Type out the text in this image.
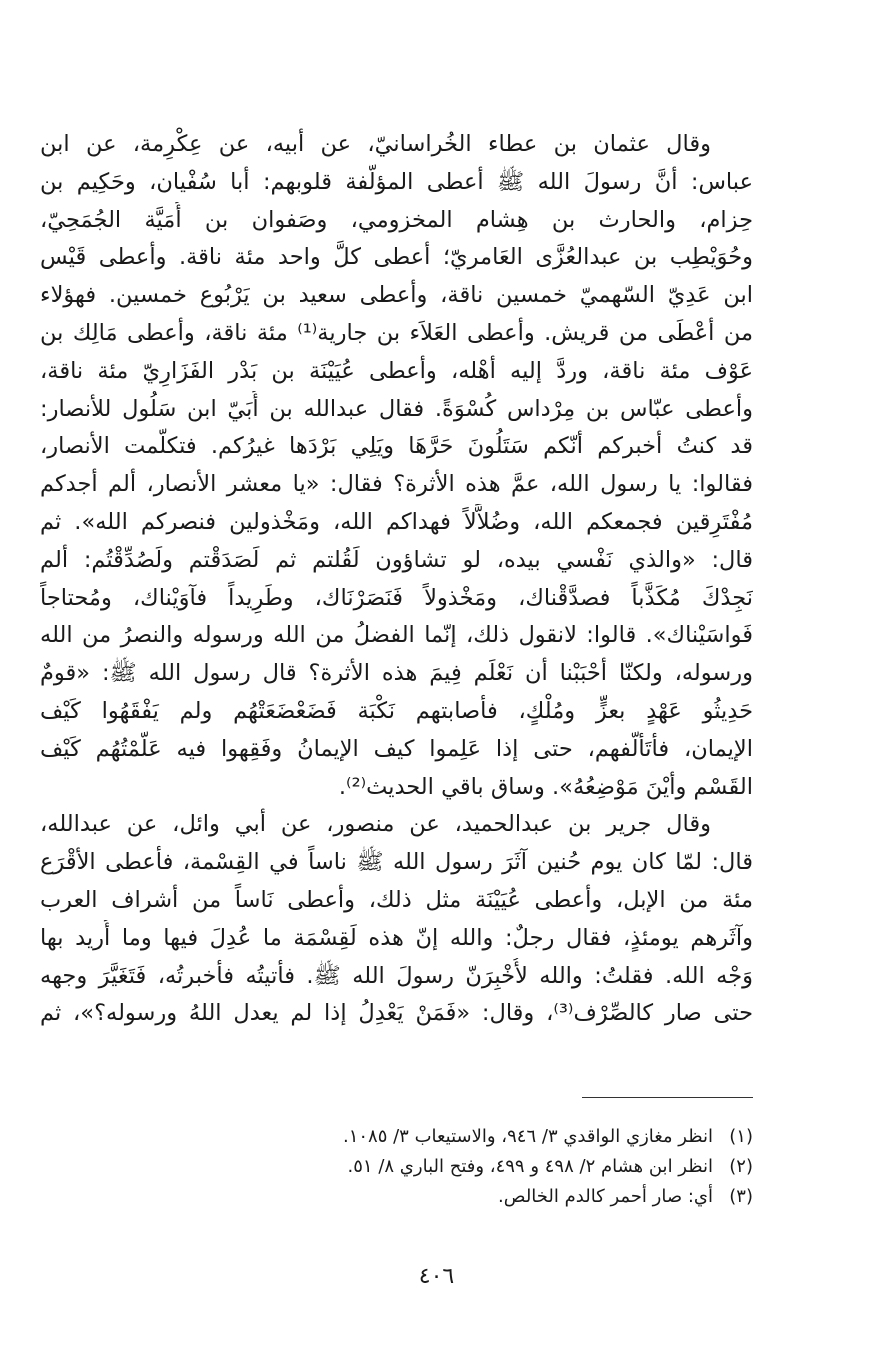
وقال عثمان بن عطاء الخُراسانيّ، عن أبيه، عن عِكْرِمة، عن ابن
عباس: أنَّ رسولَ الله ﷺ أعطى المؤلَّفة قلوبهم: أبا سُفْيان، وحَكِيم بن
حِزام، والحارث بن هِشام المخزومي، وصَفوان بن أُمَيَّة الجُمَحِيّ،
وحُوَيْطِب بن عبدالعُزَّى العَامريّ؛ أعطى كلَّ واحد مئة ناقة. وأعطى قَيْس
ابن عَدِيّ السّهميّ خمسين ناقة، وأعطى سعيد بن يَرْبُوع خمسين. فهؤلاء
من أعْطَى من قريش. وأعطى العَلاَء بن جارية⁽¹⁾ مئة ناقة، وأعطى مَالِك بن
عَوْف مئة ناقة، وردَّ إليه أهْله، وأعطى عُيَيْنَة بن بَدْر الفَزَارِيّ مئة ناقة،
وأعطى عبّاس بن مِرْداس كُسْوَةً. فقال عبدالله بن أُبَيّ ابن سَلُول للأنصار:
قد كنتُ أخبركم أنّكم سَتَلُونَ حَرَّهَا ويَلِي بَرْدَها غيرُكم. فتكلّمت الأنصار،
فقالوا: يا رسول الله، عمَّ هذه الأثرة؟ فقال: «يا معشر الأنصار، ألم أجدكم
مُفْتَرِقين فجمعكم الله، وضُلاَّلاً فهداكم الله، ومَخْذولين فنصركم الله». ثم
قال: «والذي نَفْسي بيده، لو تشاؤون لَقُلتم ثم لَصَدَقْتم ولَصُدِّقْتُم: ألم
نَجِدْكَ مُكَذَّباً فصدَّقْناك، ومَخْذولاً فَنَصَرْنَاك، وطَرِيداً فآوَيْناك، ومُحتاجاً
فَواسَيْناك». قالوا: لانقول ذلك، إنّما الفضلُ من الله ورسوله والنصرُ من الله
ورسوله، ولكنّا أحْبَبْنا أن نَعْلَم فِيمَ هذه الأثرة؟ قال رسول الله ﷺ: «قومٌ
حَدِيثُو عَهْدٍ بعزٍّ ومُلْكٍ، فأصابتهم نَكْبَة فَضَعْضَعَتْهُم ولم يَفْقَهُوا كَيْف
الإيمان، فأتَألّفهم، حتى إذا عَلِموا كيف الإيمانُ وفَقِهوا فيه عَلّمْتُهُم كَيْف
القَسْم وأيْنَ مَوْضِعُهُ». وساق باقي الحديث⁽²⁾.
وقال جرير بن عبدالحميد، عن منصور، عن أبي وائل، عن عبدالله،
قال: لمّا كان يوم حُنين آثَرَ رسول الله ﷺ ناساً في القِسْمة، فأعطى الأقْرَع
مئة من الإبل، وأعطى عُيَيْنَة مثل ذلك، وأعطى نَاساً من أشراف العرب
وآثَرهم يومئذٍ، فقال رجلٌ: والله إنّ هذه لَقِسْمَة ما عُدِلَ فيها وما أُريد بها
وَجْه الله. فقلتُ: والله لأُخْبِرَنّ رسولَ الله ﷺ. فأتيتُه فأخبرتُه، فَتَغَيَّرَ وجهه
حتى صار كالصِّرْف⁽³⁾، وقال: «فَمَنْ يَعْدِلُ إذا لم يعدل اللهُ ورسوله؟»، ثم
(١)انظر مغازي الواقدي ٣/ ٩٤٦، والاستيعاب ٣/ ١٠٨٥.
(٢)انظر ابن هشام ٢/ ٤٩٨ و ٤٩٩، وفتح الباري ٨/ ٥١.
(٣)أي: صار أحمر كالدم الخالص.
٤٠٦
